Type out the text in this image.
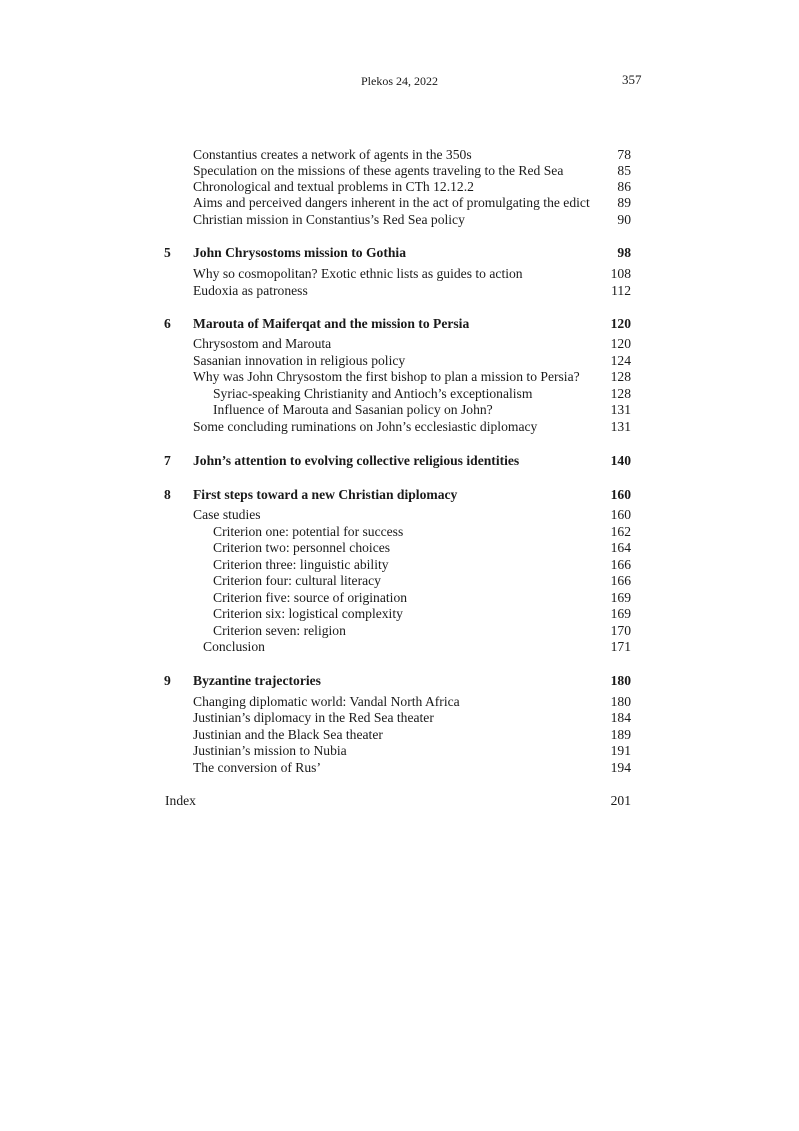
Plekos 24, 2022	357
Constantius creates a network of agents in the 350s	78
Speculation on the missions of these agents traveling to the Red Sea	85
Chronological and textual problems in CTh 12.12.2	86
Aims and perceived dangers inherent in the act of promulgating the edict 89
Christian mission in Constantius’s Red Sea policy	90
5 John Chrysostoms mission to Gothia	98
Why so cosmopolitan? Exotic ethnic lists as guides to action	108
Eudoxia as patroness	112
6 Marouta of Maiferqat and the mission to Persia	120
Chrysostom and Marouta	120
Sasanian innovation in religious policy	124
Why was John Chrysostom the first bishop to plan a mission to Persia? 128
Syriac-speaking Christianity and Antioch’s exceptionalism	128
Influence of Marouta and Sasanian policy on John?	131
Some concluding ruminations on John’s ecclesiastic diplomacy	131
7 John’s attention to evolving collective religious identities	140
8 First steps toward a new Christian diplomacy	160
Case studies	160
Criterion one: potential for success	162
Criterion two: personnel choices	164
Criterion three: linguistic ability	166
Criterion four: cultural literacy	166
Criterion five: source of origination	169
Criterion six: logistical complexity	169
Criterion seven: religion	170
Conclusion	171
9 Byzantine trajectories	180
Changing diplomatic world: Vandal North Africa	180
Justinian’s diplomacy in the Red Sea theater	184
Justinian and the Black Sea theater	189
Justinian’s mission to Nubia	191
The conversion of Rus’	194
Index	201
